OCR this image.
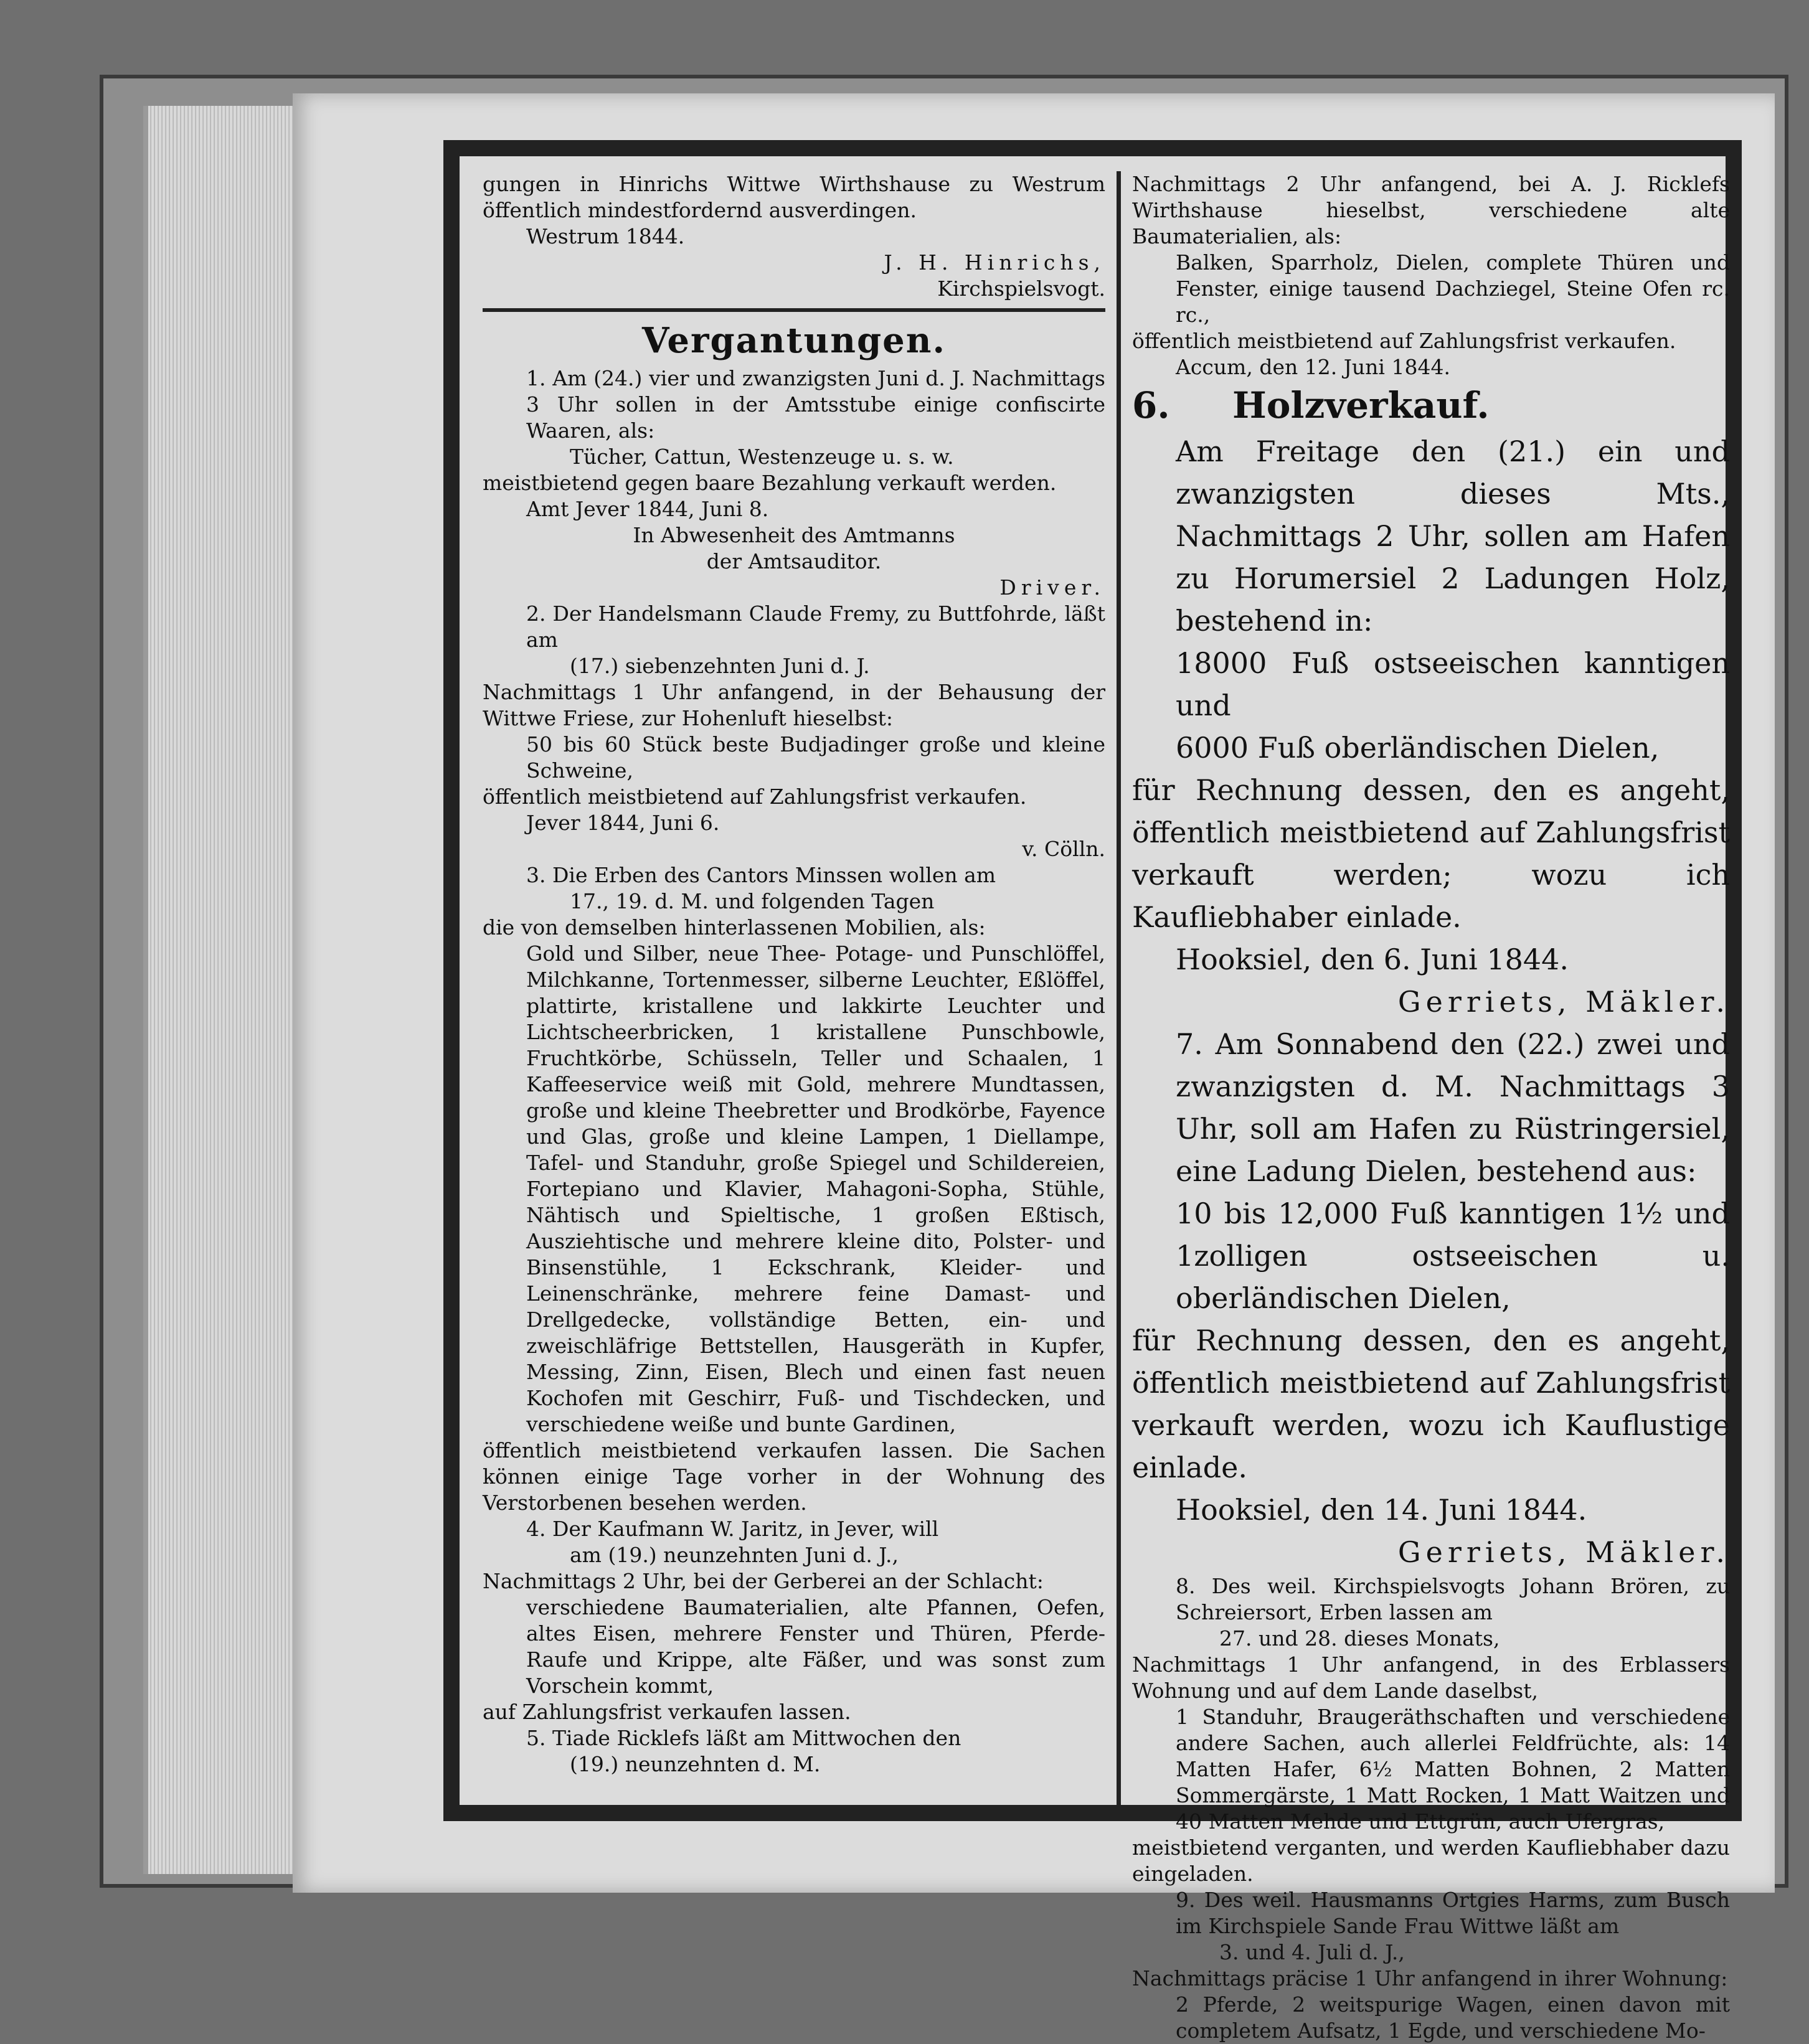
gungen in Hinrichs Wittwe Wirthshause zu Westrum öffentlich mindestfordernd ausverdingen.

Westrum 1844.

J. H. Hinrichs,

Kirchspielsvogt.

Vergantungen.

1. Am (24.) vier und zwanzigsten Juni d. J. Nachmittags 3 Uhr sollen in der Amtsstube einige confiscirte Waaren, als:

Tücher, Cattun, Westenzeuge u. s. w.

meistbietend gegen baare Bezahlung verkauft werden.

Amt Jever 1844, Juni 8.

In Abwesenheit des Amtmanns

der Amtsauditor.

Driver.

2. Der Handelsmann Claude Fremy, zu Buttfohrde, läßt am

(17.) siebenzehnten Juni d. J.

Nachmittags 1 Uhr anfangend, in der Behausung der Wittwe Friese, zur Hohenluft hieselbst:

50 bis 60 Stück beste Budjadinger große und kleine Schweine,

öffentlich meistbietend auf Zahlungsfrist verkaufen.

Jever 1844, Juni 6.

v. Cölln.

3. Die Erben des Cantors Minssen wollen am

17., 19. d. M. und folgenden Tagen

die von demselben hinterlassenen Mobilien, als:

Gold und Silber, neue Thee- Potage- und Punschlöffel, Milchkanne, Tortenmesser, silberne Leuchter, Eßlöffel, plattirte, kristallene und lakkirte Leuchter und Lichtscheerbricken, 1 kristallene Punschbowle, Fruchtkörbe, Schüsseln, Teller und Schaalen, 1 Kaffeeservice weiß mit Gold, mehrere Mundtassen, große und kleine Theebretter und Brodkörbe, Fayence und Glas, große und kleine Lampen, 1 Diellampe, Tafel- und Standuhr, große Spiegel und Schildereien, Fortepiano und Klavier, Mahagoni-Sopha, Stühle, Nähtisch und Spieltische, 1 großen Eßtisch, Ausziehtische und mehrere kleine dito, Polster- und Binsenstühle, 1 Eckschrank, Kleider- und Leinenschränke, mehrere feine Damast- und Drellgedecke, vollständige Betten, ein- und zweischläfrige Bettstellen, Hausgeräth in Kupfer, Messing, Zinn, Eisen, Blech und einen fast neuen Kochofen mit Geschirr, Fuß- und Tischdecken, und verschiedene weiße und bunte Gardinen,

öffentlich meistbietend verkaufen lassen. Die Sachen können einige Tage vorher in der Wohnung des Verstorbenen besehen werden.

4. Der Kaufmann W. Jaritz, in Jever, will

am (19.) neunzehnten Juni d. J.,

Nachmittags 2 Uhr, bei der Gerberei an der Schlacht:

verschiedene Baumaterialien, alte Pfannen, Oefen, altes Eisen, mehrere Fenster und Thüren, Pferde-Raufe und Krippe, alte Fäßer, und was sonst zum Vorschein kommt,

auf Zahlungsfrist verkaufen lassen.

5. Tiade Ricklefs läßt am Mittwochen den

(19.) neunzehnten d. M.

Nachmittags 2 Uhr anfangend, bei A. J. Ricklefs Wirthshause hieselbst, verschiedene alte Baumaterialien, als:

Balken, Sparrholz, Dielen, complete Thüren und Fenster, einige tausend Dachziegel, Steine Ofen rc. rc.,

öffentlich meistbietend auf Zahlungsfrist verkaufen.

Accum, den 12. Juni 1844.

6. Holzverkauf.

Am Freitage den (21.) ein und zwanzigsten dieses Mts., Nachmittags 2 Uhr, sollen am Hafen zu Horumersiel 2 Ladungen Holz, bestehend in:

18000 Fuß ostseeischen kanntigen und

6000 Fuß oberländischen Dielen,

für Rechnung dessen, den es angeht, öffentlich meistbietend auf Zahlungsfrist verkauft werden; wozu ich Kaufliebhaber einlade.

Hooksiel, den 6. Juni 1844.

Gerriets, Mäkler.

7. Am Sonnabend den (22.) zwei und zwanzigsten d. M. Nachmittags 3 Uhr, soll am Hafen zu Rüstringersiel, eine Ladung Dielen, bestehend aus:

10 bis 12,000 Fuß kanntigen 1½ und 1zolligen ostseeischen u. oberländischen Dielen,

für Rechnung dessen, den es angeht, öffentlich meistbietend auf Zahlungsfrist verkauft werden, wozu ich Kauflustige einlade.

Hooksiel, den 14. Juni 1844.

Gerriets, Mäkler.

8. Des weil. Kirchspielsvogts Johann Brören, zu Schreiersort, Erben lassen am

27. und 28. dieses Monats,

Nachmittags 1 Uhr anfangend, in des Erblassers Wohnung und auf dem Lande daselbst,

1 Standuhr, Braugeräthschaften und verschiedene andere Sachen, auch allerlei Feldfrüchte, als: 14 Matten Hafer, 6½ Matten Bohnen, 2 Matten Sommergärste, 1 Matt Rocken, 1 Matt Waitzen und 40 Matten Mehde und Ettgrün, auch Ufergras,

meistbietend verganten, und werden Kaufliebhaber dazu eingeladen.

9. Des weil. Hausmanns Ortgies Harms, zum Busch im Kirchspiele Sande Frau Wittwe läßt am

3. und 4. Juli d. J.,

Nachmittags präcise 1 Uhr anfangend in ihrer Wohnung:

2 Pferde, 2 weitspurige Wagen, einen davon mit completem Aufsatz, 1 Egde, und verschiedene Mo-
